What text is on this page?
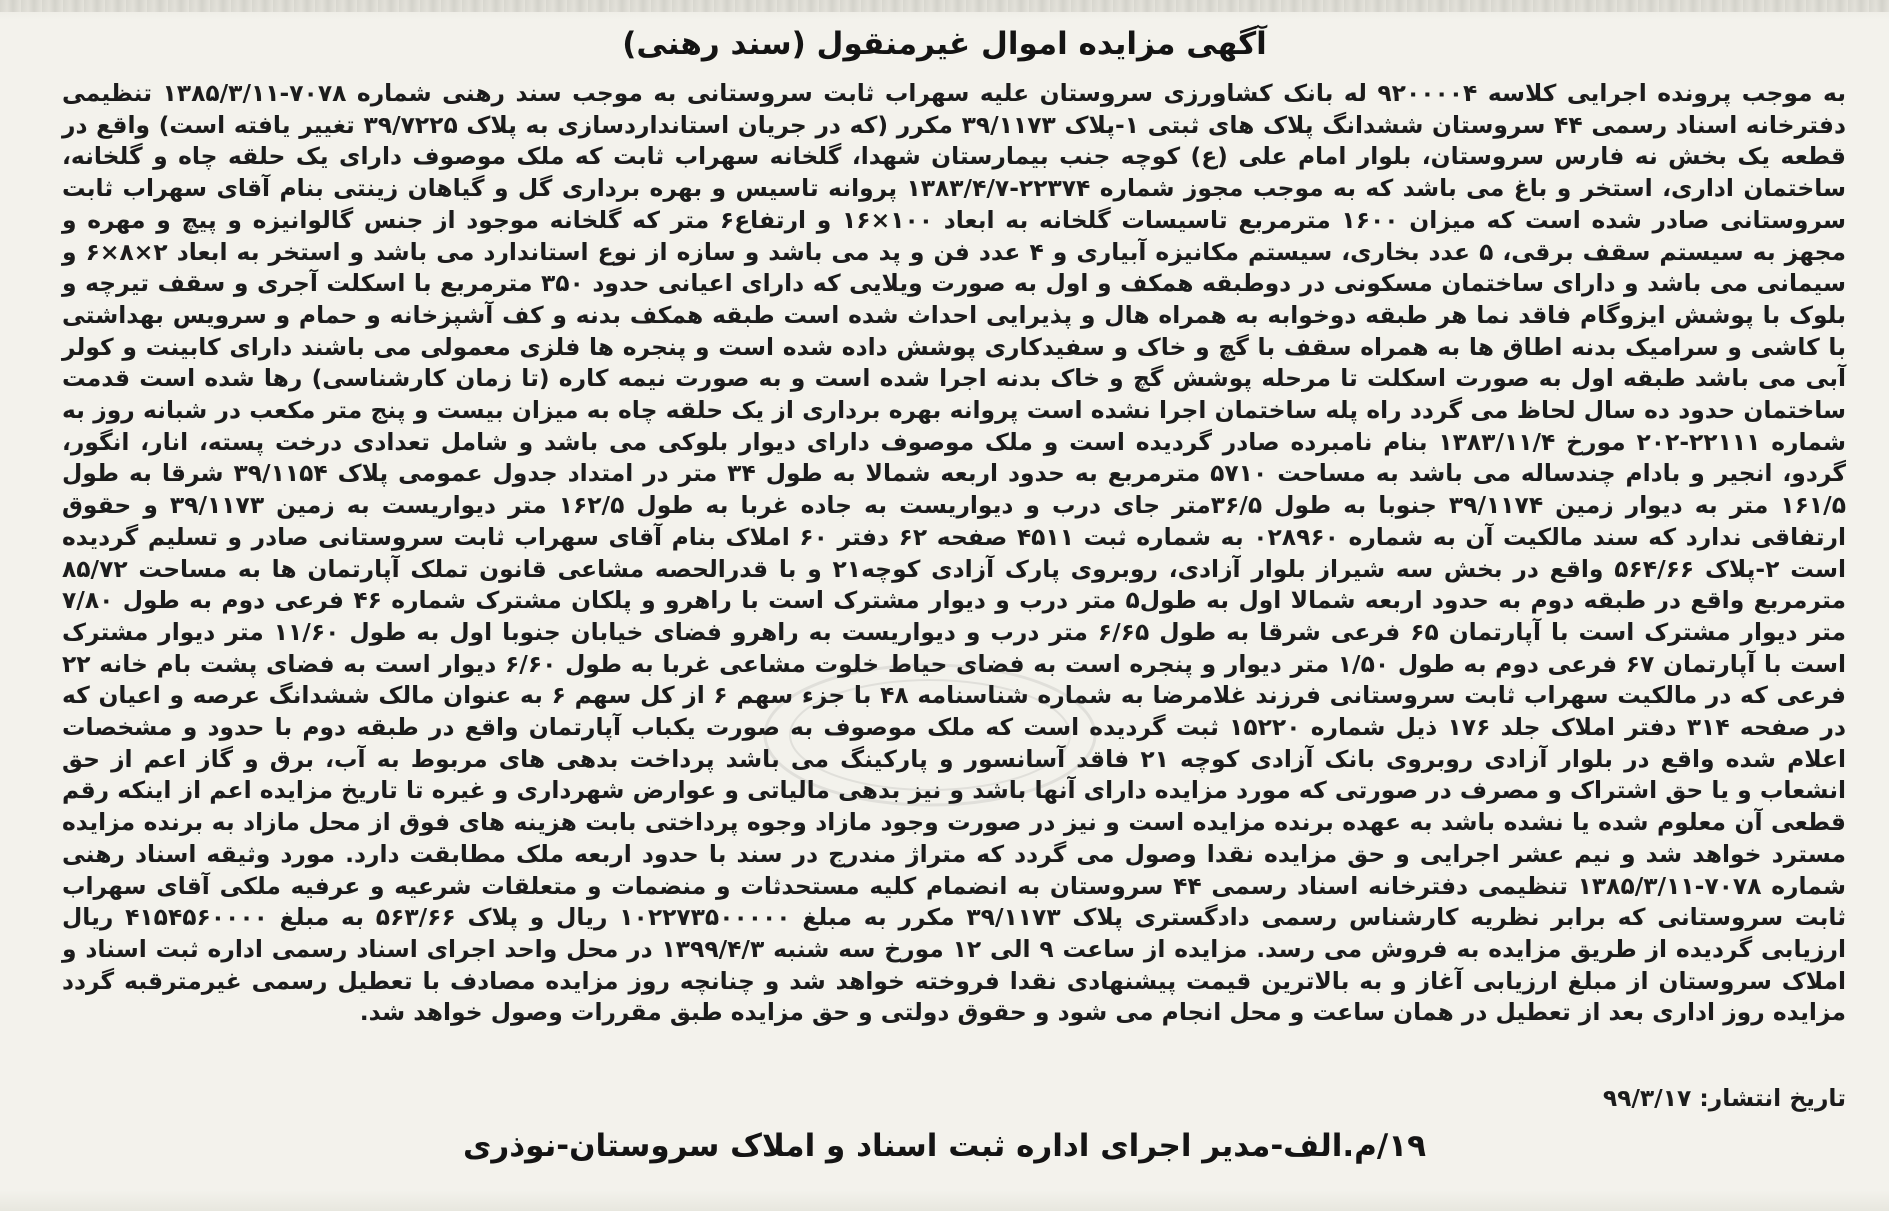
آگهی مزایده اموال غیرمنقول (سند رهنی)
به موجب پرونده اجرایی کلاسه ۹۲۰۰۰۰۴ له بانک کشاورزی سروستان علیه سهراب ثابت سروستانی به موجب سند رهنی شماره ۷۰۷۸-۱۳۸۵/۳/۱۱ تنظیمی دفترخانه اسناد رسمی ۴۴ سروستان ششدانگ پلاک های ثبتی ۱-پلاک ۳۹/۱۱۷۳ مکرر (که در جریان استانداردسازی به پلاک ۳۹/۷۲۲۵ تغییر یافته است) واقع در قطعه یک بخش نه فارس سروستان، بلوار امام علی (ع) کوچه جنب بیمارستان شهدا، گلخانه سهراب ثابت که ملک موصوف دارای یک حلقه چاه و گلخانه، ساختمان اداری، استخر و باغ می باشد که به موجب مجوز شماره ۲۲۳۷۴-۱۳۸۳/۴/۷ پروانه تاسیس و بهره برداری گل و گیاهان زینتی بنام آقای سهراب ثابت سروستانی صادر شده است که میزان ۱۶۰۰ مترمربع تاسیسات گلخانه به ابعاد ۱۰۰×۱۶ و ارتفاع۶ متر که گلخانه موجود از جنس گالوانیزه و پیچ و مهره و مجهز به سیستم سقف برقی، ۵ عدد بخاری، سیستم مکانیزه آبیاری و ۴ عدد فن و پد می باشد و سازه از نوع استاندارد می باشد و استخر به ابعاد ۲×۸×۶ و سیمانی می باشد و دارای ساختمان مسکونی در دوطبقه همکف و اول به صورت ویلایی که دارای اعیانی حدود ۳۵۰ مترمربع با اسکلت آجری و سقف تیرچه و بلوک با پوشش ایزوگام فاقد نما هر طبقه دوخوابه به همراه هال و پذیرایی احداث شده است طبقه همکف بدنه و کف آشپزخانه و حمام و سرویس بهداشتی با کاشی و سرامیک بدنه اطاق ها به همراه سقف با گچ و خاک و سفیدکاری پوشش داده شده است و پنجره ها فلزی معمولی می باشند دارای کابینت و کولر آبی می باشد طبقه اول به صورت اسکلت تا مرحله پوشش گچ و خاک بدنه اجرا شده است و به صورت نیمه کاره (تا زمان کارشناسی) رها شده است قدمت ساختمان حدود ده سال لحاظ می گردد راه پله ساختمان اجرا نشده است پروانه بهره برداری از یک حلقه چاه به میزان بیست و پنج متر مکعب در شبانه روز به شماره ۲۲۱۱۱-۲۰۲ مورخ ۱۳۸۳/۱۱/۴ بنام نامبرده صادر گردیده است و ملک موصوف دارای دیوار بلوکی می باشد و شامل تعدادی درخت پسته، انار، انگور، گردو، انجیر و بادام چندساله می باشد به مساحت ۵۷۱۰ مترمربع به حدود اربعه شمالا به طول ۳۴ متر در امتداد جدول عمومی پلاک ۳۹/۱۱۵۴ شرقا به طول ۱۶۱/۵ متر به دیوار زمین ۳۹/۱۱۷۴ جنوبا به طول ۳۶/۵متر جای درب و دیواریست به جاده غربا به طول ۱۶۲/۵ متر دیواریست به زمین ۳۹/۱۱۷۳ و حقوق ارتفاقی ندارد که سند مالکیت آن به شماره ۰۲۸۹۶۰ به شماره ثبت ۴۵۱۱ صفحه ۶۲ دفتر ۶۰ املاک بنام آقای سهراب ثابت سروستانی صادر و تسلیم گردیده است ۲-پلاک ۵۶۴/۶۶ واقع در بخش سه شیراز بلوار آزادی، روبروی پارک آزادی کوچه۲۱ و با قدرالحصه مشاعی قانون تملک آپارتمان ها به مساحت ۸۵/۷۲ مترمربع واقع در طبقه دوم به حدود اربعه شمالا اول به طول۵ متر درب و دیوار مشترک است با راهرو و پلکان مشترک شماره ۴۶ فرعی دوم به طول ۷/۸۰ متر دیوار مشترک است با آپارتمان ۶۵ فرعی شرقا به طول ۶/۶۵ متر درب و دیواریست به راهرو فضای خیابان جنوبا اول به طول ۱۱/۶۰ متر دیوار مشترک است با آپارتمان ۶۷ فرعی دوم به طول ۱/۵۰ متر دیوار و پنجره است به فضای حیاط خلوت مشاعی غربا به طول ۶/۶۰ دیوار است به فضای پشت بام خانه ۲۲ فرعی که در مالکیت سهراب ثابت سروستانی فرزند غلامرضا به شماره شناسنامه ۴۸ با جزء سهم ۶ از کل سهم ۶ به عنوان مالک ششدانگ عرصه و اعیان که در صفحه ۳۱۴ دفتر املاک جلد ۱۷۶ ذیل شماره ۱۵۲۲۰ ثبت گردیده است که ملک موصوف به صورت یکباب آپارتمان واقع در طبقه دوم با حدود و مشخصات اعلام شده واقع در بلوار آزادی روبروی بانک آزادی کوچه ۲۱ فاقد آسانسور و پارکینگ می باشد پرداخت بدهی های مربوط به آب، برق و گاز اعم از حق انشعاب و یا حق اشتراک و مصرف در صورتی که مورد مزایده دارای آنها باشد و نیز بدهی مالیاتی و عوارض شهرداری و غیره تا تاریخ مزایده اعم از اینکه رقم قطعی آن معلوم شده یا نشده باشد به عهده برنده مزایده است و نیز در صورت وجود مازاد وجوه پرداختی بابت هزینه های فوق از محل مازاد به برنده مزایده مسترد خواهد شد و نیم عشر اجرایی و حق مزایده نقدا وصول می گردد که متراژ مندرج در سند با حدود اربعه ملک مطابقت دارد. مورد وثیقه اسناد رهنی شماره ۷۰۷۸-۱۳۸۵/۳/۱۱ تنظیمی دفترخانه اسناد رسمی ۴۴ سروستان به انضمام کلیه مستحدثات و منضمات و متعلقات شرعیه و عرفیه ملکی آقای سهراب ثابت سروستانی که برابر نظریه کارشناس رسمی دادگستری پلاک ۳۹/۱۱۷۳ مکرر به مبلغ ۱۰۲۲۷۳۵۰۰۰۰۰ ریال و پلاک ۵۶۳/۶۶ به مبلغ ۴۱۵۴۵۶۰۰۰۰ ریال ارزیابی گردیده از طریق مزایده به فروش می رسد. مزایده از ساعت ۹ الی ۱۲ مورخ سه شنبه ۱۳۹۹/۴/۳ در محل واحد اجرای اسناد رسمی اداره ثبت اسناد و املاک سروستان از مبلغ ارزیابی آغاز و به بالاترین قیمت پیشنهادی نقدا فروخته خواهد شد و چنانچه روز مزایده مصادف با تعطیل رسمی غیرمترقبه گردد مزایده روز اداری بعد از تعطیل در همان ساعت و محل انجام می شود و حقوق دولتی و حق مزایده طبق مقررات وصول خواهد شد.
تاریخ انتشار: ۹۹/۳/۱۷
۱۹/م.الف-مدیر اجرای اداره ثبت اسناد و املاک سروستان-نوذری
